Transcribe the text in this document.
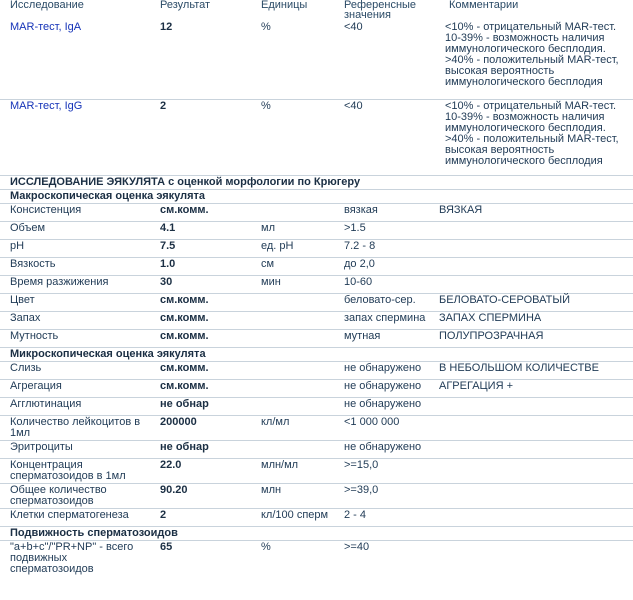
Исследование	Результат	Единицы	Референсные значения	Комментарии
MAR-тест, IgA	12	%	<40	<10% - отрицательный MAR-тест. 10-39% - возможность наличия иммунологического бесплодия. >40% - положительный MAR-тест, высокая вероятность иммунологического бесплодия
MAR-тест, IgG	2	%	<40	<10% - отрицательный MAR-тест. 10-39% - возможность наличия иммунологического бесплодия. >40% - положительный MAR-тест, высокая вероятность иммунологического бесплодия
ИССЛЕДОВАНИЕ ЭЯКУЛЯТА с оценкой морфологии по Крюгеру				
Макроскопическая оценка эякулята				
Консистенция	см.комм.		вязкая	ВЯЗКАЯ
Объем	4.1	мл	>1.5	
pH	7.5	ед. pH	7.2 - 8	
Вязкость	1.0	см	до 2,0	
Время разжижения	30	мин	10-60	
Цвет	см.комм.		беловато-сер.	БЕЛОВАТО-СЕРОВАТЫЙ
Запах	см.комм.		запах спермина	ЗАПАХ СПЕРМИНА
Мутность	см.комм.		мутная	ПОЛУПРОЗРАЧНАЯ
Микроскопическая оценка эякулята				
Слизь	см.комм.		не обнаружено	В НЕБОЛЬШОМ КОЛИЧЕСТВЕ
Агрегация	см.комм.		не обнаружено	АГРЕГАЦИЯ +
Агглютинация	не обнар		не обнаружено	
Количество лейкоцитов в 1мл	200000	кл/мл	<1 000 000	
Эритроциты	не обнар		не обнаружено	
Концентрация сперматозоидов в 1мл	22.0	млн/мл	>=15,0	
Общее количество сперматозоидов	90.20	млн	>=39,0	
Клетки сперматогенеза	2	кл/100 сперм	2 - 4	
Подвижность сперматозоидов				
"a+b+c"/"PR+NP" - всего подвижных сперматозоидов	65	%	>=40	
